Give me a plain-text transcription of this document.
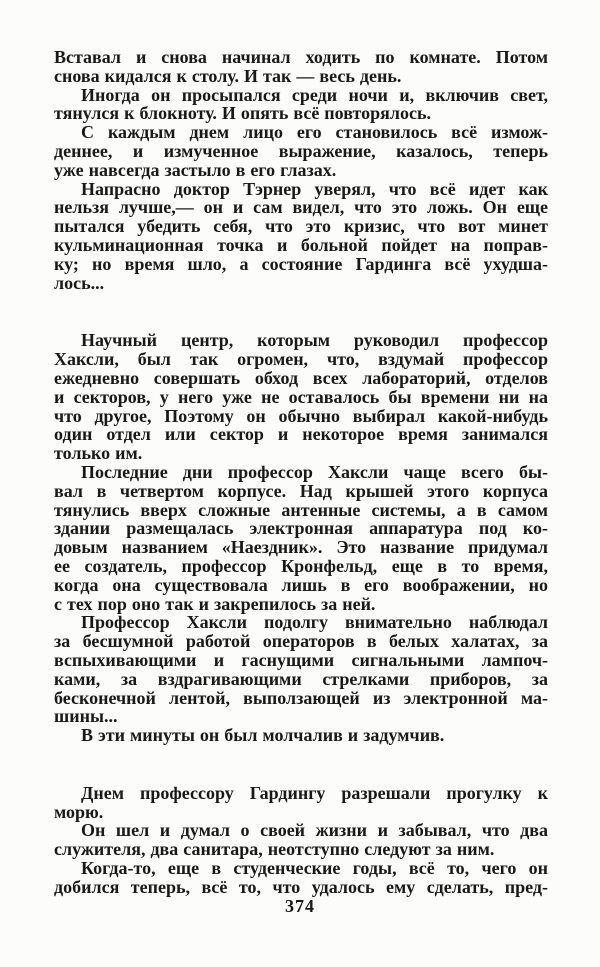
Вставал и снова начинал ходить по комнате. Потом
снова кидался к столу. И так — весь день.

Иногда он просыпался среди ночи и, включив свет,
тянулся к блокноту. И опять всё повторялось.

С каждым днем лицо его становилось всё измож-
деннее, и измученное выражение, казалось, теперь
уже навсегда застыло в его глазах.

Напрасно доктор Тэрнер уверял, что всё идет как
нельзя лучше,— он и сам видел, что это ложь. Он еще
пытался убедить себя, что это кризис, что вот минет
кульминационная точка и больной пойдет на поправ-
ку; но время шло, а состояние Гардинга всё ухудша-
лось...

Научный центр, которым руководил профессор
Хаксли, был так огромен, что, вздумай профессор
ежедневно совершать обход всех лабораторий, отделов
и секторов, у него уже не оставалось бы времени ни на
что другое, Поэтому он обычно выбирал какой-нибудь
один отдел или сектор и некоторое время занимался
только им.

Последние дни профессор Хаксли чаще всего бы-
вал в четвертом корпусе. Над крышей этого корпуса
тянулись вверх сложные антенные системы, а в самом
здании размещалась электронная аппаратура под ко-
довым названием «Наездник». Это название придумал
ее создатель, профессор Кронфельд, еще в то время,
когда она существовала лишь в его воображении, но
с тех пор оно так и закрепилось за ней.

Профессор Хаксли подолгу внимательно наблюдал
за бесшумной работой операторов в белых халатах, за
вспыхивающими и гаснущими сигнальными лампоч-
ками, за вздрагивающими стрелками приборов, за
бесконечной лентой, выползающей из электронной ма-
шины...

В эти минуты он был молчалив и задумчив.

Днем профессору Гардингу разрешали прогулку к
морю.

Он шел и думал о своей жизни и забывал, что два
служителя, два санитара, неотступно следуют за ним.

Когда-то, еще в студенческие годы, всё то, чего он
добился теперь, всё то, что удалось ему сделать, пред-

374
